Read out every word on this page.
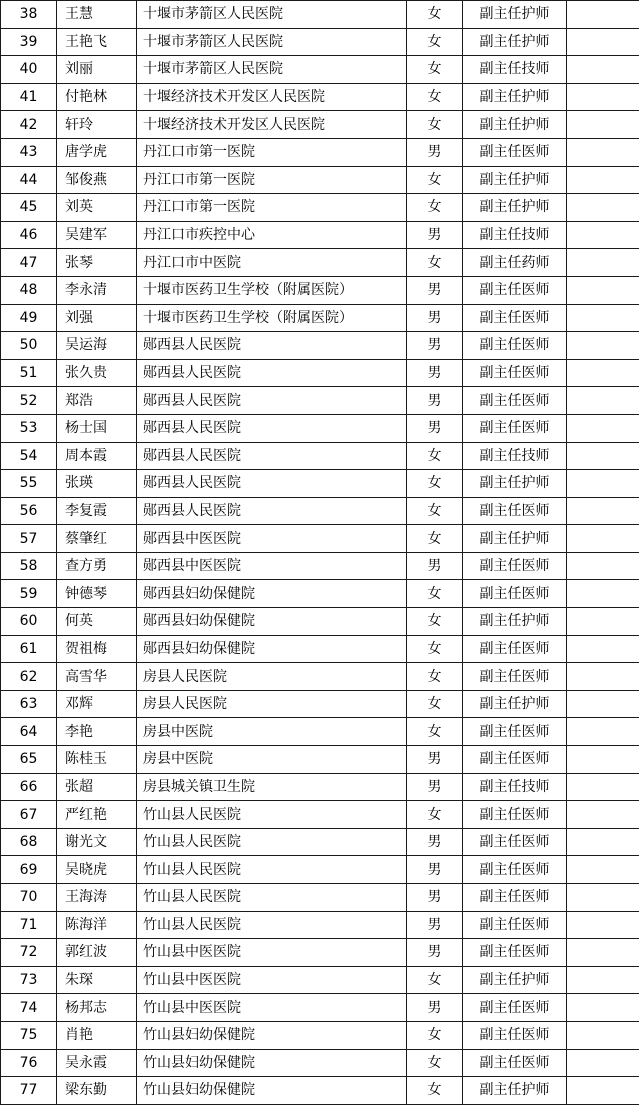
38	王慧	十堰市茅箭区人民医院	女	副主任护师	
39	王艳飞	十堰市茅箭区人民医院	女	副主任护师	
40	刘丽	十堰市茅箭区人民医院	女	副主任技师	
41	付艳林	十堰经济技术开发区人民医院	女	副主任护师	
42	轩玲	十堰经济技术开发区人民医院	女	副主任护师	
43	唐学虎	丹江口市第一医院	男	副主任医师	
44	邹俊燕	丹江口市第一医院	女	副主任护师	
45	刘英	丹江口市第一医院	女	副主任护师	
46	吴建军	丹江口市疾控中心	男	副主任技师	
47	张琴	丹江口市中医院	女	副主任药师	
48	李永清	十堰市医药卫生学校（附属医院）	男	副主任医师	
49	刘强	十堰市医药卫生学校（附属医院）	男	副主任医师	
50	吴运海	郧西县人民医院	男	副主任医师	
51	张久贵	郧西县人民医院	男	副主任医师	
52	郑浩	郧西县人民医院	男	副主任医师	
53	杨士国	郧西县人民医院	男	副主任医师	
54	周本霞	郧西县人民医院	女	副主任技师	
55	张瑛	郧西县人民医院	女	副主任护师	
56	李复霞	郧西县人民医院	女	副主任医师	
57	蔡肇红	郧西县中医医院	女	副主任护师	
58	查方勇	郧西县中医医院	男	副主任医师	
59	钟德琴	郧西县妇幼保健院	女	副主任医师	
60	何英	郧西县妇幼保健院	女	副主任护师	
61	贺祖梅	郧西县妇幼保健院	女	副主任医师	
62	高雪华	房县人民医院	女	副主任医师	
63	邓辉	房县人民医院	女	副主任护师	
64	李艳	房县中医院	女	副主任医师	
65	陈桂玉	房县中医院	男	副主任医师	
66	张超	房县城关镇卫生院	男	副主任技师	
67	严红艳	竹山县人民医院	女	副主任医师	
68	谢光文	竹山县人民医院	男	副主任医师	
69	吴晓虎	竹山县人民医院	男	副主任医师	
70	王海涛	竹山县人民医院	男	副主任医师	
71	陈海洋	竹山县人民医院	男	副主任医师	
72	郭红波	竹山县中医医院	男	副主任医师	
73	朱琛	竹山县中医医院	女	副主任护师	
74	杨邦志	竹山县中医医院	男	副主任医师	
75	肖艳	竹山县妇幼保健院	女	副主任医师	
76	吴永霞	竹山县妇幼保健院	女	副主任医师	
77	梁东勤	竹山县妇幼保健院	女	副主任护师	
